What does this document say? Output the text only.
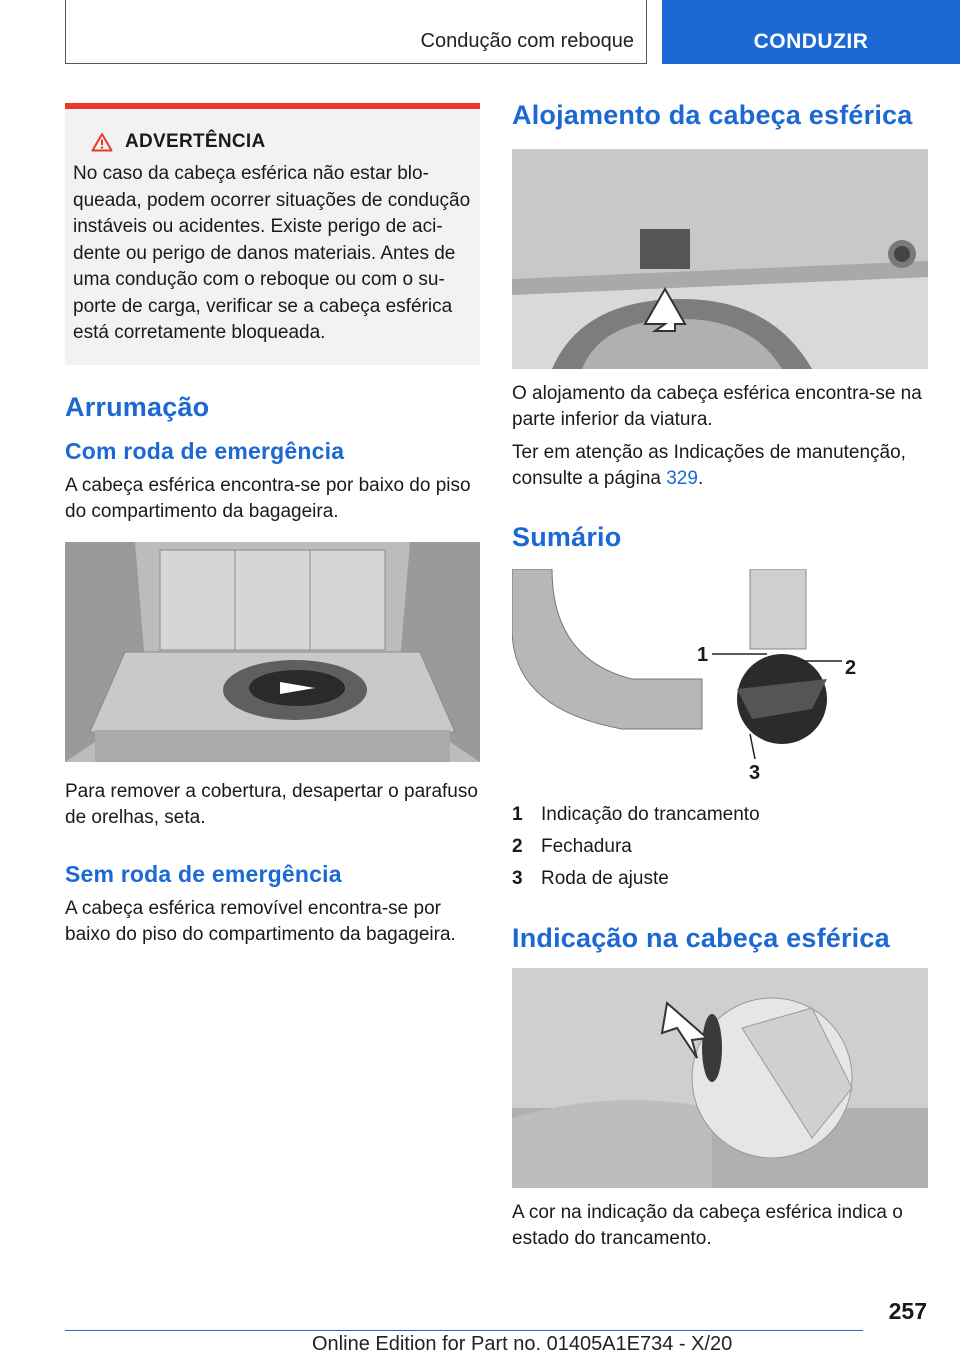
Condução com reboque	CONDUZIR
ADVERTÊNCIA
No caso da cabeça esférica não estar blo-queada, podem ocorrer situações de condução instáveis ou acidentes. Existe perigo de aci-dente ou perigo de danos materiais. Antes de uma condução com o reboque ou com o su-porte de carga, verificar se a cabeça esférica está corretamente bloqueada.
Arrumação
Com roda de emergência

A cabeça esférica encontra-se por baixo do piso do compartimento da bagageira.

Para remover a cobertura, desapertar o parafuso de orelhas, seta.

Sem roda de emergência

A cabeça esférica removível encontra-se por baixo do piso do compartimento da bagageira.

Alojamento da cabeça esférica

O alojamento da cabeça esférica encontra-se na parte inferior da viatura.

Ter em atenção as Indicações de manutenção, consulte a página 329.

Sumário
1
2
3
1 Indicação do trancamento
2 Fechadura
3 Roda de ajuste
Indicação na cabeça esférica

A cor na indicação da cabeça esférica indica o estado do trancamento.

257
Online Edition for Part no. 01405A1E734 - X/20
